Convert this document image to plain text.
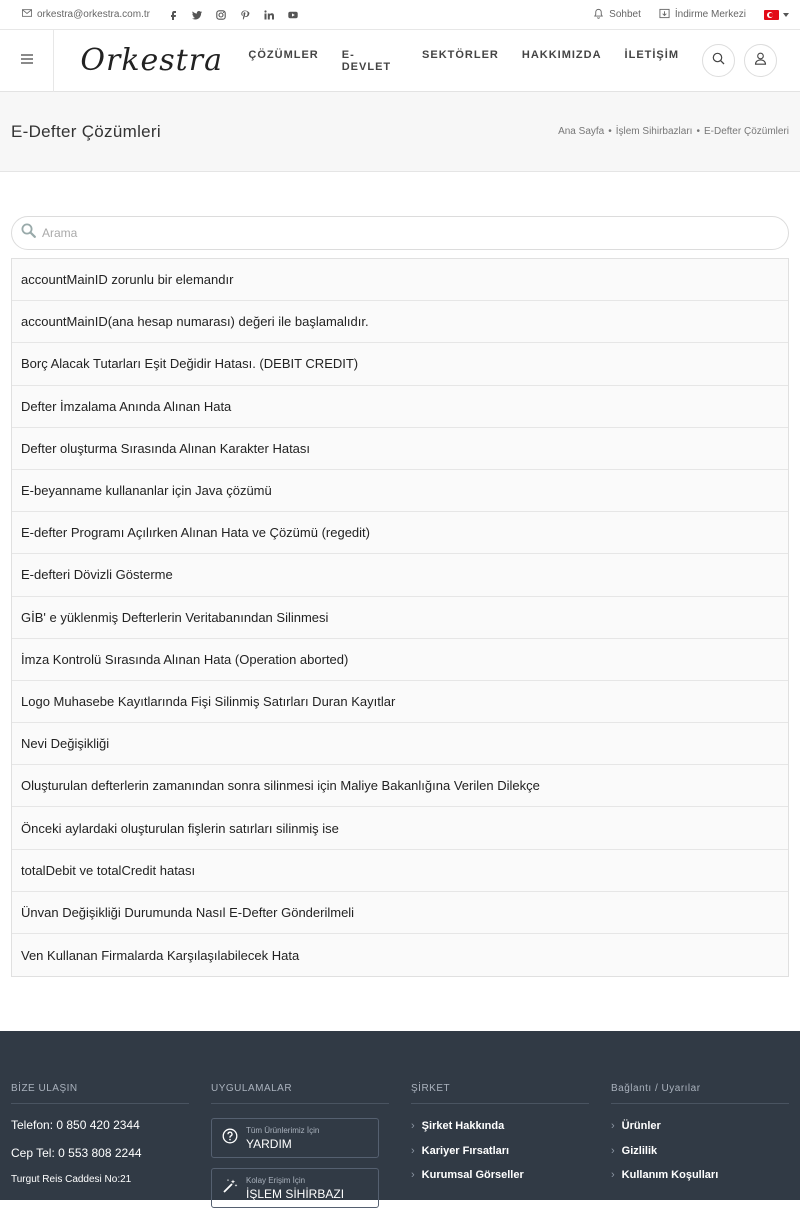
orkestra@orkestra.com.tr	Sohbet	İndirme Merkezi
Orkestra ÇÖZÜMLER E-DEVLET
SEKTÖRLER HAKKIMIZDA İLETİŞİM
E-Defter Çözümleri	Ana Sayfa • İşlem Sihirbazları • E-Defter Çözümleri
Arama
accountMainID zorunlu bir elemandır
accountMainID(ana hesap numarası) değeri ile başlamalıdır.
Borç Alacak Tutarları Eşit Değidir Hatası. (DEBIT CREDIT)
Defter İmzalama Anında Alınan Hata
Defter oluşturma Sırasında Alınan Karakter Hatası
E-beyanname kullananlar için Java çözümü
E-defter Programı Açılırken Alınan Hata ve Çözümü (regedit)
E-defteri Dövizli Gösterme
GİB' e yüklenmiş Defterlerin Veritabanından Silinmesi
İmza Kontrolü Sırasında Alınan Hata (Operation aborted)
Logo Muhasebe Kayıtlarında Fişi Silinmiş Satırları Duran Kayıtlar
Nevi Değişikliği
Oluşturulan defterlerin zamanından sonra silinmesi için Maliye Bakanlığına Verilen Dilekçe
Önceki aylardaki oluşturulan fişlerin satırları silinmiş ise
totalDebit ve totalCredit hatası
Ünvan Değişikliği Durumunda Nasıl E-Defter Gönderilmeli
Ven Kullanan Firmalarda Karşılaşılabilecek Hata
BİZE ULAŞIN

Telefon: 0 850 420 2344

Cep Tel: 0 553 808 2244

Turgut Reis Caddesi No:21

UYGULAMALAR
Tüm Ürünlerimiz İçin
YARDIM
Kolay Erişim İçin
İŞLEM SİHİRBAZI
ŞİRKET
› Şirket Hakkında
› Kariyer Fırsatları
› Kurumsal Görseller
Bağlantı / Uyarılar
› Ürünler
› Gizlilik
› Kullanım Koşulları
